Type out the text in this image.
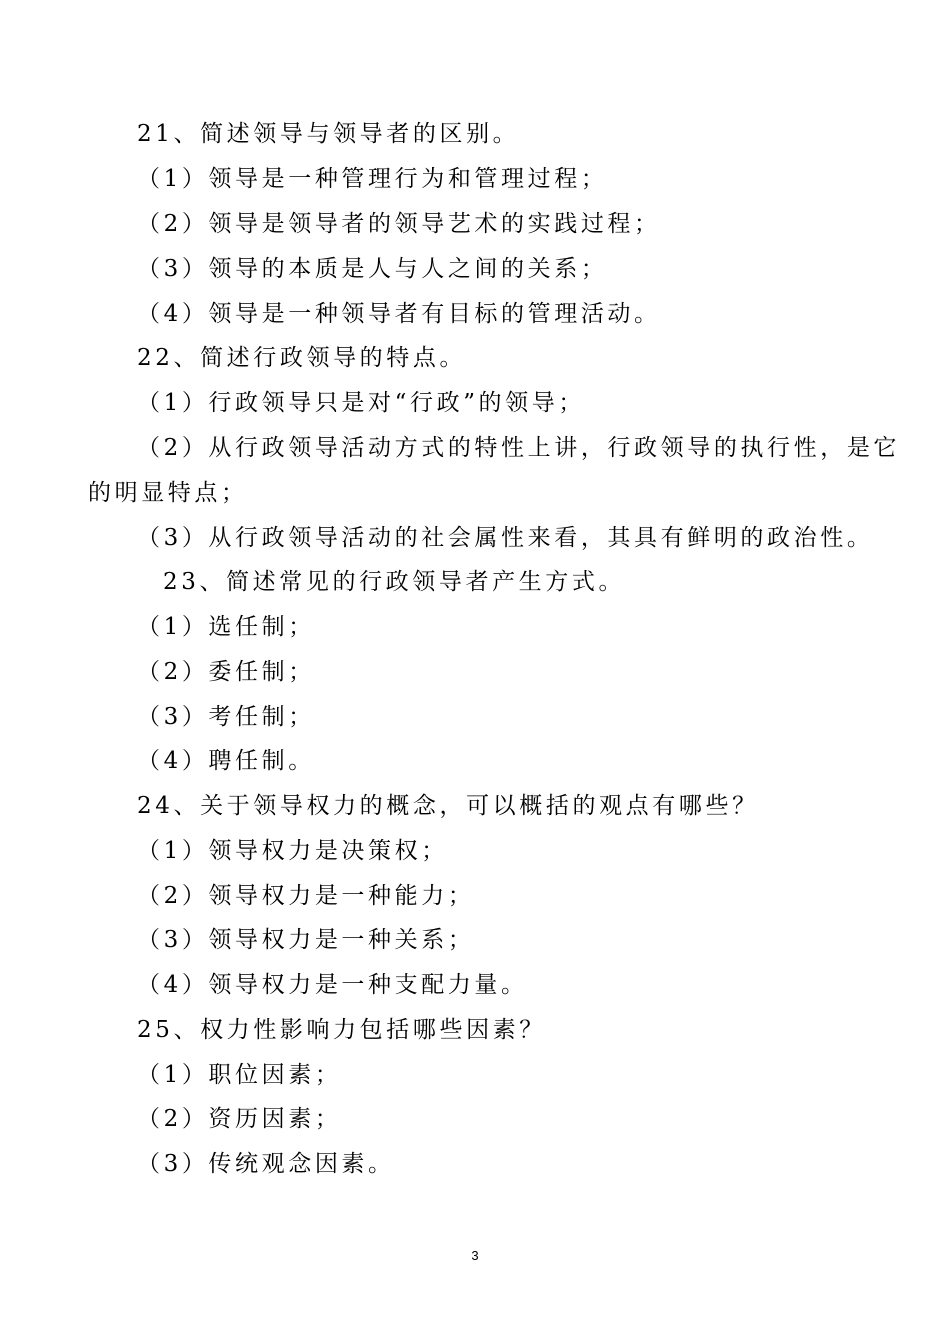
21、简述领导与领导者的区别。
（1）领导是一种管理行为和管理过程；
（2）领导是领导者的领导艺术的实践过程；
（3）领导的本质是人与人之间的关系；
（4）领导是一种领导者有目标的管理活动。
22、简述行政领导的特点。
（1）行政领导只是对“行政”的领导；
（2）从行政领导活动方式的特性上讲，行政领导的执行性，是它
的明显特点；
（3）从行政领导活动的社会属性来看，其具有鲜明的政治性。
23、简述常见的行政领导者产生方式。
（1）选任制；
（2）委任制；
（3）考任制；
（4）聘任制。
24、关于领导权力的概念，可以概括的观点有哪些？
（1）领导权力是决策权；
（2）领导权力是一种能力；
（3）领导权力是一种关系；
（4）领导权力是一种支配力量。
25、权力性影响力包括哪些因素？
（1）职位因素；
（2）资历因素；
（3）传统观念因素。
3
